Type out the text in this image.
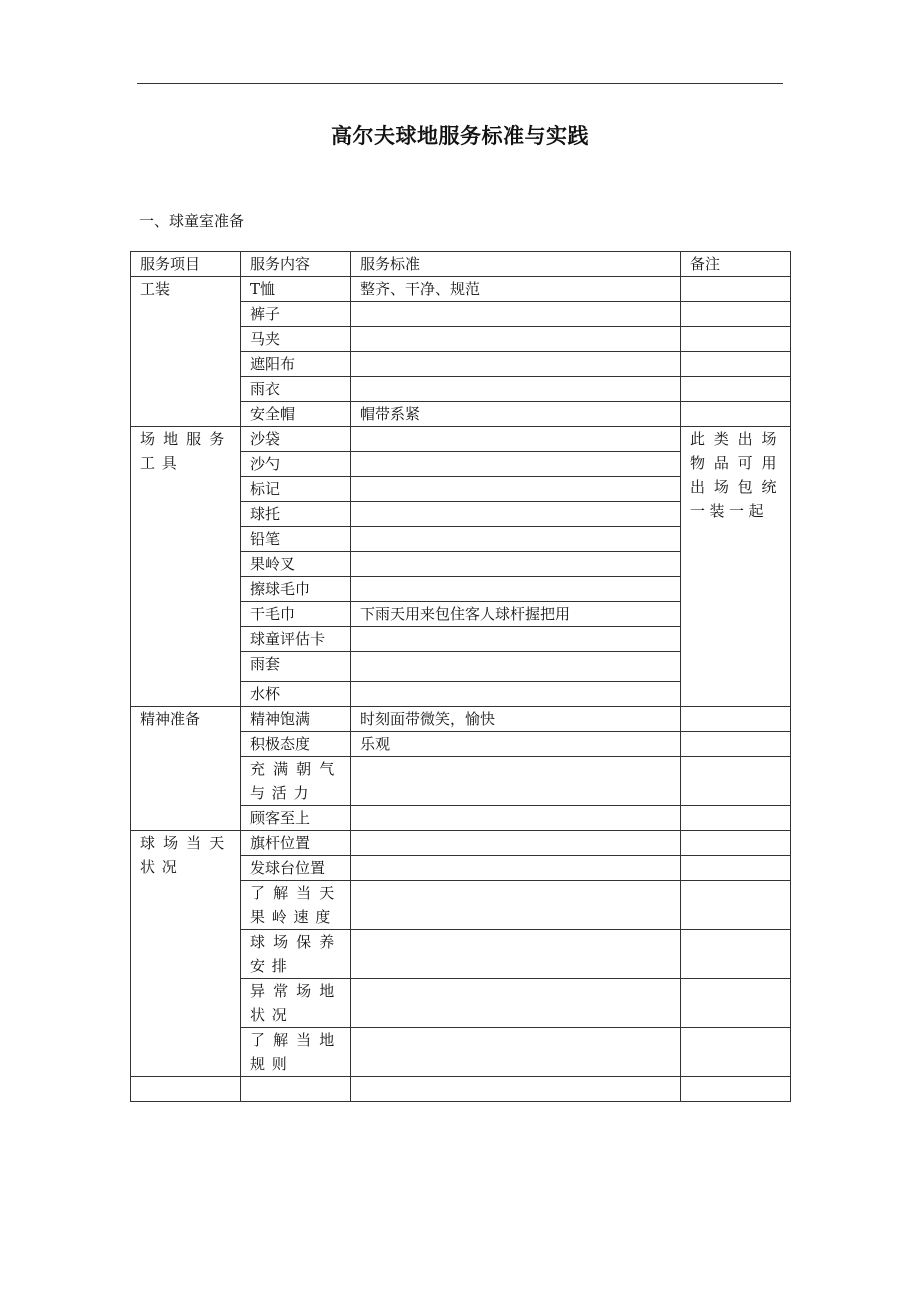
高尔夫球地服务标准与实践

一、球童室准备

服务项目	服务内容	服务标准	备注
工装	T恤	整齐、干净、规范	
	裤子		
	马夹		
	遮阳布		
	雨衣		
	安全帽	帽带系紧	
场地服务工具	沙袋		此类出场物品可用出场包统一装一起
	沙勺		
	标记		
	球托		
	铅笔		
	果岭叉		
	擦球毛巾		
	干毛巾	下雨天用来包住客人球杆握把用	
	球童评估卡		
	雨套		
	水杯		
精神准备	精神饱满	时刻面带微笑，愉快	
	积极态度	乐观	
	充满朝气与活力		
	顾客至上		
球场当天状况	旗杆位置		
	发球台位置		
	了解当天果岭速度		
	球场保养安排		
	异常场地状况		
	了解当地规则		
